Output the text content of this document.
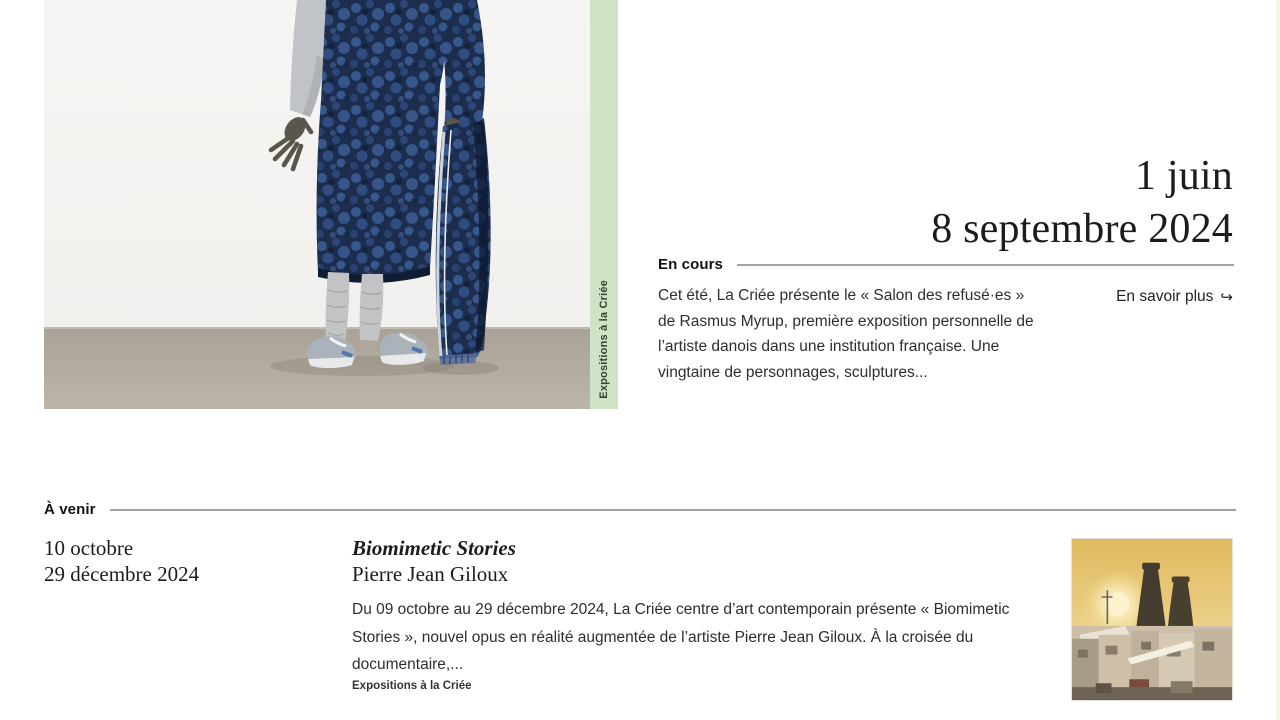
Expositions à la Criée
1 juin
8 septembre 2024
En cours

Cet été, La Criée présente le « Salon des refusé·es » de Rasmus Myrup, première exposition personnelle de l’artiste danois dans une institution française. Une vingtaine de personnages, sculptures...

En savoir plus ↪
À venir
10 octobre
29 décembre 2024
Biomimetic Stories
Pierre Jean Giloux

Du 09 octobre au 29 décembre 2024, La Criée centre d’art contemporain présente « Biomimetic Stories », nouvel opus en réalité augmentée de l’artiste Pierre Jean Giloux. À la croisée du documentaire,...

Expositions à la Criée
